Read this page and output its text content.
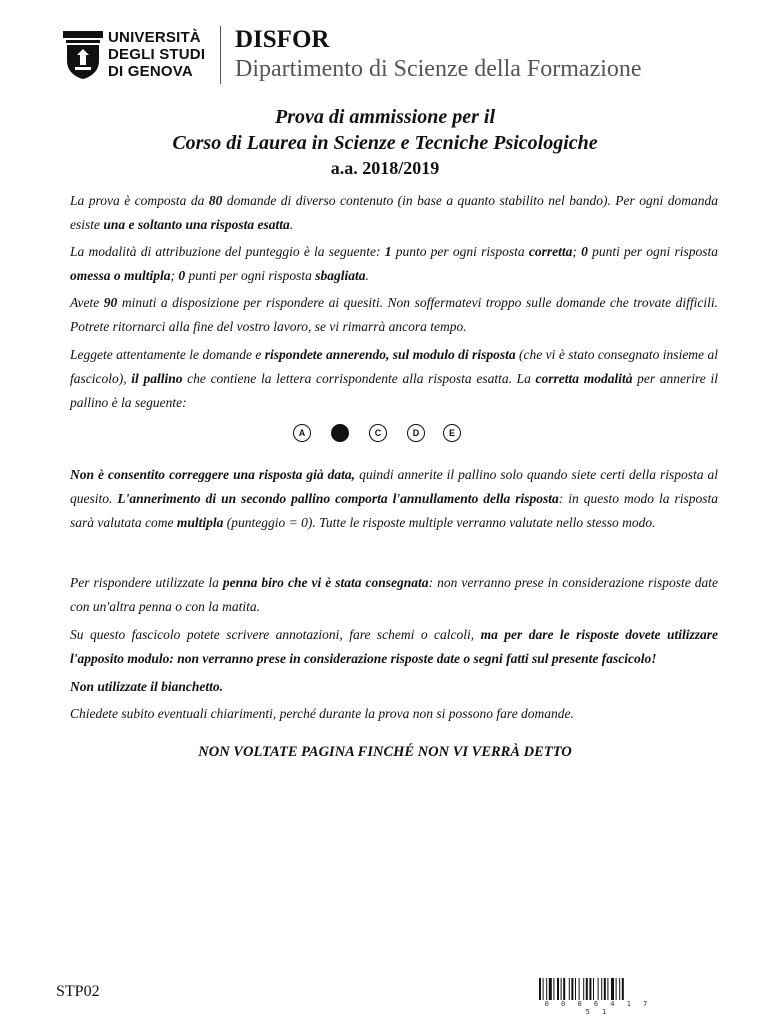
UNIVERSITÀ
DEGLI STUDI
DI GENOVA
DISFOR
Dipartimento di Scienze della Formazione
Prova di ammissione per il
Corso di Laurea in Scienze e Tecniche Psicologiche
a.a. 2018/2019
La prova è composta da 80 domande di diverso contenuto (in base a quanto stabilito nel bando). Per ogni domanda esiste una e soltanto una risposta esatta.
La modalità di attribuzione del punteggio è la seguente: 1 punto per ogni risposta corretta; 0 punti per ogni risposta omessa o multipla; 0 punti per ogni risposta sbagliata.
Avete 90 minuti a disposizione per rispondere ai quesiti. Non soffermatevi troppo sulle domande che trovate difficili. Potrete ritornarci alla fine del vostro lavoro, se vi rimarrà ancora tempo.
Leggete attentamente le domande e rispondete annerendo, sul modulo di risposta (che vi è stato consegnato insieme al fascicolo), il pallino che contiene la lettera corrispondente alla risposta esatta. La corretta modalità per annerire il pallino è la seguente:
A	B	C	D	E
Non è consentito correggere una risposta già data, quindi annerite il pallino solo quando siete certi della risposta al quesito. L'annerimento di un secondo pallino comporta l'annullamento della risposta: in questo modo la risposta sarà valutata come multipla (punteggio = 0). Tutte le risposte multiple verranno valutate nello stesso modo.
Per rispondere utilizzate la penna biro che vi è stata consegnata: non verranno prese in considerazione risposte date con un'altra penna o con la matita.
Su questo fascicolo potete scrivere annotazioni, fare schemi o calcoli, ma per dare le risposte dovete utilizzare l'apposito modulo: non verranno prese in considerazione risposte date o segni fatti sul presente fascicolo!
Non utilizzate il bianchetto.
Chiedete subito eventuali chiarimenti, perché durante la prova non si possono fare domande.
NON VOLTATE PAGINA FINCHÉ NON VI VERRÀ DETTO
STP02
0 0 0 6 4 1 7 5 1
